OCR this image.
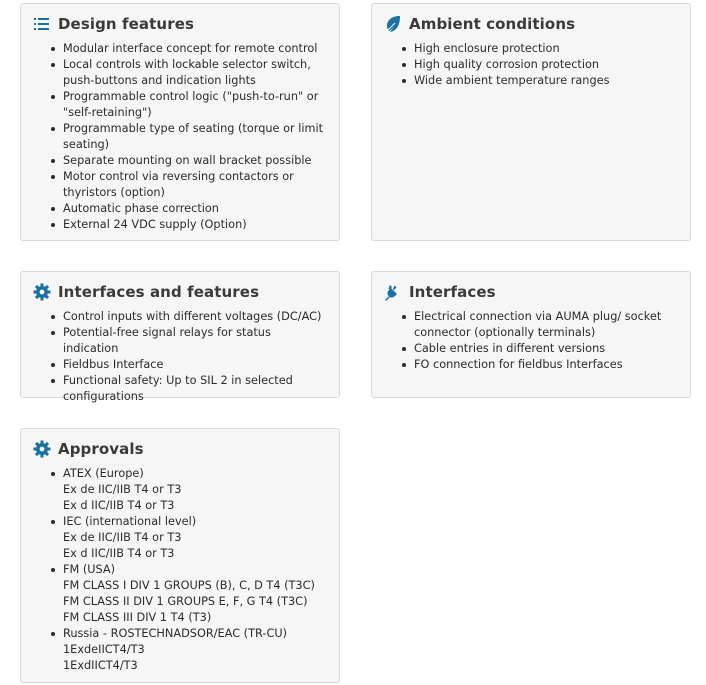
Design features
Modular interface concept for remote control
Local controls with lockable selector switch, push-buttons and indication lights
Programmable control logic ("push-to-run" or "self-retaining")
Programmable type of seating (torque or limit seating)
Separate mounting on wall bracket possible
Motor control via reversing contactors or thyristors (option)
Automatic phase correction
External 24 VDC supply (Option)
Ambient conditions
High enclosure protection
High quality corrosion protection
Wide ambient temperature ranges
Interfaces and features
Control inputs with different voltages (DC/AC)
Potential-free signal relays for status indication
Fieldbus Interface
Functional safety: Up to SIL 2 in selected configurations
Interfaces
Electrical connection via AUMA plug/ socket connector (optionally terminals)
Cable entries in different versions
FO connection for fieldbus Interfaces
Approvals
ATEX (Europe)
Ex de IIC/IIB T4 or T3
Ex d IIC/IIB T4 or T3
IEC (international level)
Ex de IIC/IIB T4 or T3
Ex d IIC/IIB T4 or T3
FM (USA)
FM CLASS I DIV 1 GROUPS (B), C, D T4 (T3C)
FM CLASS II DIV 1 GROUPS E, F, G T4 (T3C)
FM CLASS III DIV 1 T4 (T3)
Russia - ROSTECHNADSOR/EAC (TR-CU)
1ExdeIICT4/T3
1ExdIICT4/T3
